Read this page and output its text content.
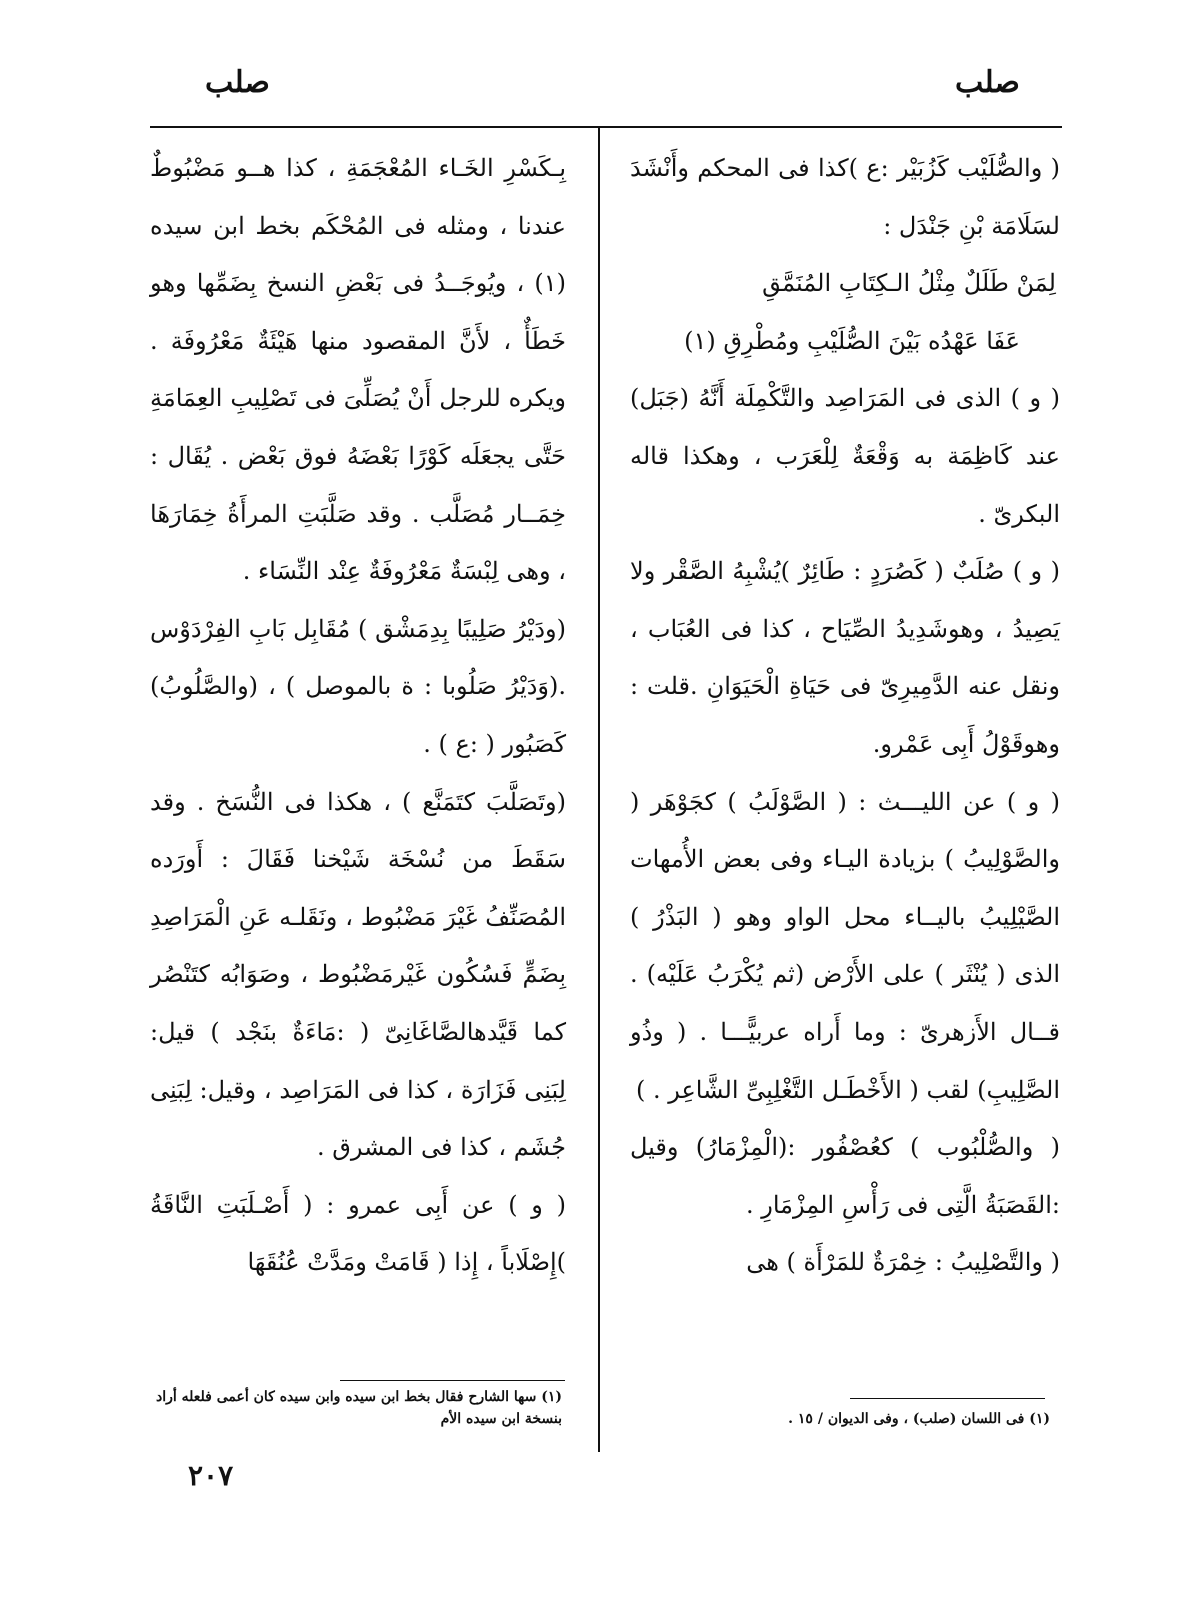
صلب	صلب

( والصُّلَيْب كَزُبَيْر :ع )كذا فى المحكم وأَنْشَدَ لسَلَامَة بْنِ جَنْدَل :

لِمَنْ طَلَلٌ مِثْلُ الـكِتَابِ المُنَمَّقِ

عَفَا عَهْدُه بَيْنَ الصُّلَيْبِ ومُطْرِقِ (١)

( و ) الذى فى المَرَاصِد والتَّكْمِلَة أَنَّهُ (جَبَل) عند كَاظِمَة به وَقْعَةٌ لِلْعَرَب ، وهكذا قاله البكرىّ .

( و ) صُلَبٌ ( كَصُرَدٍ : طَائِرٌ )يُشْبِهُ الصَّقْر ولا يَصِيدُ ، وهوشَدِيدُ الصِّيَاح ، كذا فى العُبَاب ، ونقل عنه الدَّمِيرِىّ فى حَيَاةِ الْحَيَوَانِ .قلت : وهوقَوْلُ أَبِى عَمْرو.

( و ) عن الليـــث : ( الصَّوْلَبُ ) كجَوْهَر ( والصَّوْلِيبُ ) بزيادة اليـاء وفى بعض الأُمهات الصَّيْلِيبُ باليــاء محل الواو وهو ( البَذْرُ ) الذى ( يُنْثَر ) على الأَرْض (ثم يُكْرَبُ عَلَيْه) . قــال الأَزهرىّ : وما أَراه عربيًّـــا . ( وذُو الصَّلِيبِ) لقب ( الأَخْطَـل التَّغْلِبِىِّ الشَّاعِر . )

( والصُّلْبُوب ) كعُصْفُور :(الْمِزْمَارُ) وقيل :القَصَبَةُ الَّتِى فى رَأْسِ المِزْمَارِ .

( والتَّصْلِيبُ : خِمْرَةٌ للمَرْأَة ) هى

بِـكَسْرِ الخَـاء المُعْجَمَةِ ، كذا هــو مَضْبُوطٌ عندنا ، ومثله فى المُحْكَم بخط ابن سيده (١) ، ويُوجَــدُ فى بَعْضِ النسخ بِضَمِّها وهو خَطَأٌ ، لأَنَّ المقصود منها هَيْئَةٌ مَعْرُوفَة . ويكره للرجل أَنْ يُصَلِّىَ فى تَصْلِيبِ العِمَامَةِ حَتَّى يجعَلَه كَوْرًا بَعْضَهُ فوق بَعْض . يُقَال : خِمَــار مُصَلَّب . وقد صَلَّبَتِ المرأَةُ خِمَارَهَا ، وهى لِبْسَةٌ مَعْرُوفَةٌ عِنْد النِّسَاء .

(ودَيْرُ صَلِيبًا بِدِمَشْق ) مُقَابِل بَابِ الفِرْدَوْس .(وَدَيْرُ صَلُوبا : ة بالموصل ) ، (والصَّلُوبُ) كَصَبُور ( :ع ) .

(وتَصَلَّبَ كتَمَنَّع ) ، هكذا فى النُّسَخ . وقد سَقَطَ من نُسْخَة شَيْخنا فَقَالَ : أَورَده المُصَنِّفُ غَيْرَ مَضْبُوط ، ونَقَلـه عَنِ الْمَرَاصِدِ بِضَمٍّ فَسُكُون غَيْرمَضْبُوط ، وصَوَابُه كتَنْصُر كما قَيَّدهالصَّاغَانِىّ ( :مَاءَةٌ بنَجْد ) قيل: لِبَنِى فَزَارَة ، كذا فى المَرَاصِد ، وقيل: لِبَنِى جُشَم ، كذا فى المشرق .

( و ) عن أَبِى عمرو : ( أَصْـلَبَتِ النَّاقَةُ )إِصْلَاباً ، إِذا ( قَامَتْ ومَدَّتْ عُنُقَهَا

(١) سها الشارح فقال بخط ابن سيده وابن سيده كان أعمى فلعله أراد بنسخة ابن سيده الأم	(١) فى اللسان (صلب) ، وفى الديوان / ١٥ .
٢٠٧
